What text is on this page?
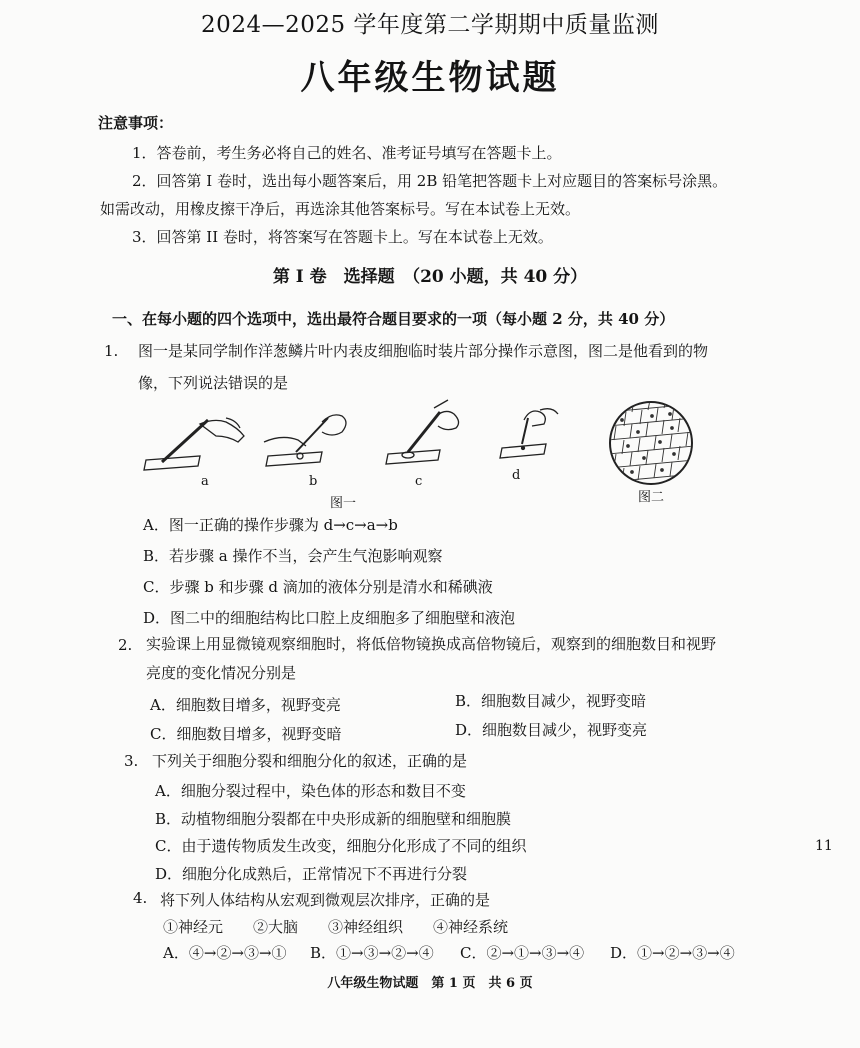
2024—2025 学年度第二学期期中质量监测
八年级生物试题
注意事项：
1．答卷前，考生务必将自己的姓名、准考证号填写在答题卡上。
2．回答第 I 卷时，选出每小题答案后，用 2B 铅笔把答题卡上对应题目的答案标号涂黑。
如需改动，用橡皮擦干净后，再选涂其他答案标号。写在本试卷上无效。
3．回答第 II 卷时，将答案写在答题卡上。写在本试卷上无效。
第 I 卷　选择题　（20 小题，共 40 分）
一、在每小题的四个选项中，选出最符合题目要求的一项（每小题 2 分，共 40 分）
1. 图一是某同学制作洋葱鳞片叶内表皮细胞临时装片部分操作示意图，图二是他看到的物
像，下列说法错误的是
a	b	c	d
图一	图二
A．图一正确的操作步骤为 d→c→a→b
B．若步骤 a 操作不当，会产生气泡影响观察
C．步骤 b 和步骤 d 滴加的液体分别是清水和稀碘液
D．图二中的细胞结构比口腔上皮细胞多了细胞壁和液泡
2. 实验课上用显微镜观察细胞时，将低倍物镜换成高倍物镜后，观察到的细胞数目和视野
亮度的变化情况分别是
A．细胞数目增多，视野变亮	B．细胞数目减少，视野变暗
C．细胞数目增多，视野变暗	D．细胞数目减少，视野变亮
3. 下列关于细胞分裂和细胞分化的叙述，正确的是
A．细胞分裂过程中，染色体的形态和数目不变
B．动植物细胞分裂都在中央形成新的细胞壁和细胞膜
C．由于遗传物质发生改变，细胞分化形成了不同的组织
D．细胞分化成熟后，正常情况下不再进行分裂
11
4. 将下列人体结构从宏观到微观层次排序，正确的是
①神经元　　②大脑　　③神经组织　　④神经系统
A．④→②→③→① B．①→③→②→④ C．②→①→③→④ D．①→②→③→④
八年级生物试题　第 1 页　共 6 页
